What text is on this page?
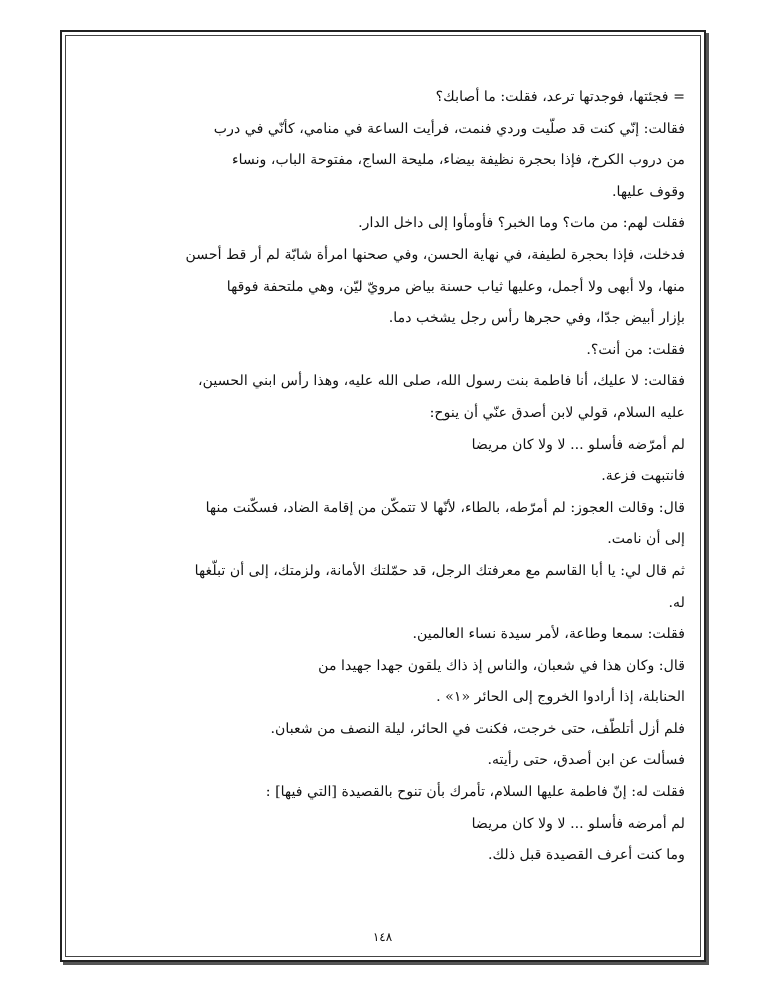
= فجئتها، فوجدتها ترعد، فقلت: ما أصابك؟
فقالت: إنّي كنت قد صلّيت وردي فنمت، فرأيت الساعة في منامي، كأنّي في درب
من دروب الكرخ، فإذا بحجرة نظيفة بيضاء، مليحة الساج، مفتوحة الباب، ونساء
وقوف عليها.
فقلت لهم: من مات؟ وما الخبر؟ فأومأوا إلى داخل الدار.
فدخلت، فإذا بحجرة لطيفة، في نهاية الحسن، وفي صحنها امرأة شابّة لم أر قط أحسن
منها، ولا أبهى ولا أجمل، وعليها ثياب حسنة بياض مرويّ ليّن، وهي ملتحفة فوقها
بإزار أبيض جدّا، وفي حجرها رأس رجل يشخب دما.
فقلت: من أنت؟.
فقالت: لا عليك، أنا فاطمة بنت رسول الله، صلى الله عليه، وهذا رأس ابني الحسين،
عليه السلام، قولي لابن أصدق عنّي أن ينوح:
لم أمرّضه فأسلو ... لا ولا كان مريضا
فانتبهت فزعة.
قال: وقالت العجوز: لم أمرّطه، بالطاء، لأنّها لا تتمكّن من إقامة الضاد، فسكّنت منها
إلى أن نامت.
ثم قال لي: يا أبا القاسم مع معرفتك الرجل، قد حمّلتك الأمانة، ولزمتك، إلى أن تبلّغها
له.
فقلت: سمعا وطاعة، لأمر سيدة نساء العالمين.
قال: وكان هذا في شعبان، والناس إذ ذاك يلقون جهدا جهيدا من
الحنابلة، إذا أرادوا الخروج إلى الحائر «١» .
فلم أزل أتلطّف، حتى خرجت، فكنت في الحائر، ليلة النصف من شعبان.
فسألت عن ابن أصدق، حتى رأيته.
فقلت له: إنّ فاطمة عليها السلام، تأمرك بأن تنوح بالقصيدة [التي فيها] :
لم أمرضه فأسلو ... لا ولا كان مريضا
وما كنت أعرف القصيدة قبل ذلك.
١٤٨
